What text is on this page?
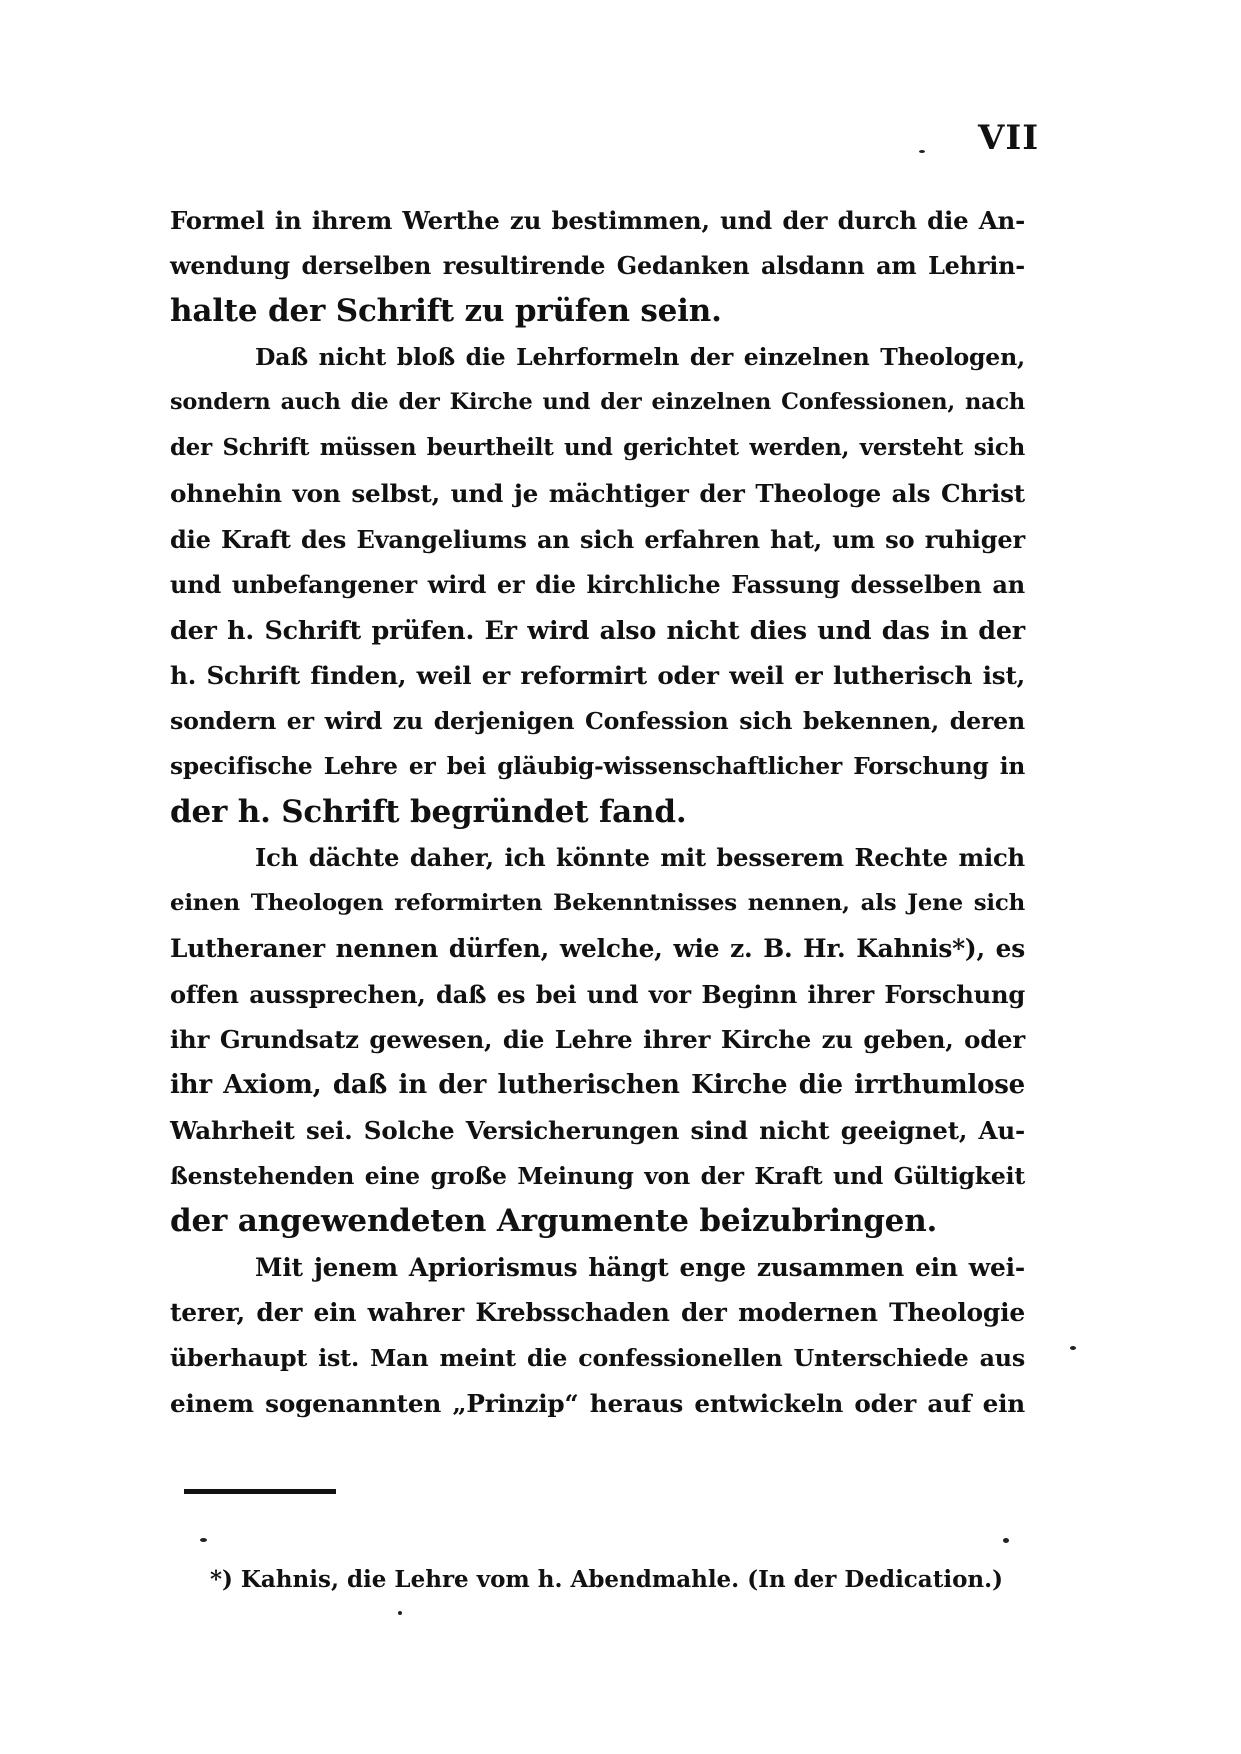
VII
Formel in ihrem Werthe zu bestimmen, und der durch die An-
wendung derselben resultirende Gedanken alsdann am Lehrin-
halte der Schrift zu prüfen sein.
Daß nicht bloß die Lehrformeln der einzelnen Theologen,
sondern auch die der Kirche und der einzelnen Confessionen, nach
der Schrift müssen beurtheilt und gerichtet werden, versteht sich
ohnehin von selbst, und je mächtiger der Theologe als Christ
die Kraft des Evangeliums an sich erfahren hat, um so ruhiger
und unbefangener wird er die kirchliche Fassung desselben an
der h. Schrift prüfen. Er wird also nicht dies und das in der
h. Schrift finden, weil er reformirt oder weil er lutherisch ist,
sondern er wird zu derjenigen Confession sich bekennen, deren
specifische Lehre er bei gläubig-wissenschaftlicher Forschung in
der h. Schrift begründet fand.
Ich dächte daher, ich könnte mit besserem Rechte mich
einen Theologen reformirten Bekenntnisses nennen, als Jene sich
Lutheraner nennen dürfen, welche, wie z. B. Hr. Kahnis*), es
offen aussprechen, daß es bei und vor Beginn ihrer Forschung
ihr Grundsatz gewesen, die Lehre ihrer Kirche zu geben, oder
ihr Axiom, daß in der lutherischen Kirche die irrthumlose
Wahrheit sei. Solche Versicherungen sind nicht geeignet, Au-
ßenstehenden eine große Meinung von der Kraft und Gültigkeit
der angewendeten Argumente beizubringen.
Mit jenem Apriorismus hängt enge zusammen ein wei-
terer, der ein wahrer Krebsschaden der modernen Theologie
überhaupt ist. Man meint die confessionellen Unterschiede aus
einem sogenannten „Prinzip“ heraus entwickeln oder auf ein
*) Kahnis, die Lehre vom h. Abendmahle. (In der Dedication.)
